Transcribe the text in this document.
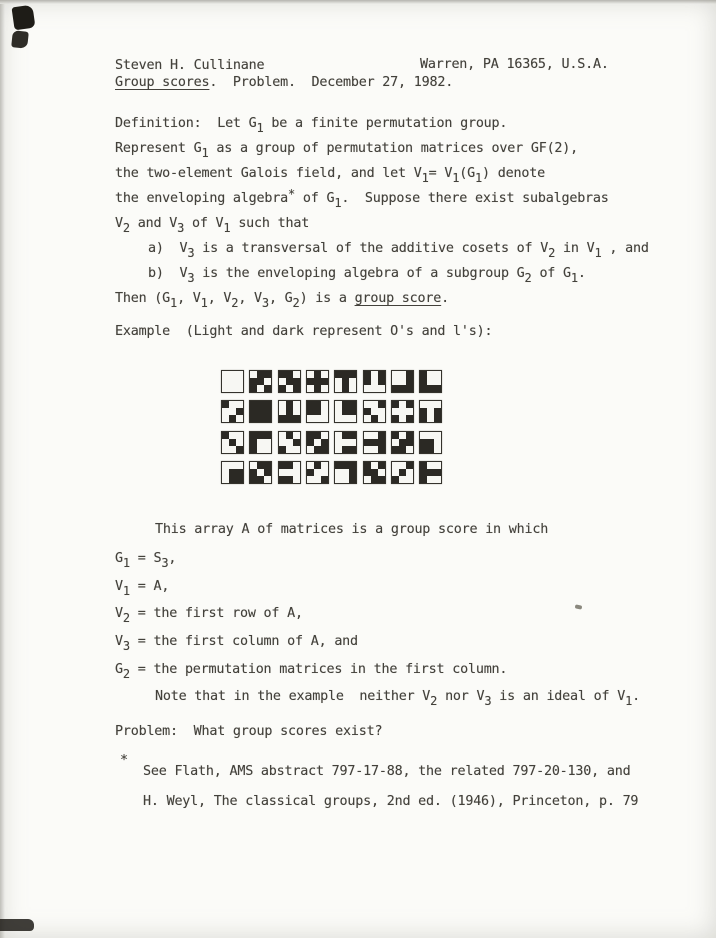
Steven H. Cullinane	Warren, PA 16365, U.S.A.
Group scores.  Problem.  December 27, 1982.
Definition:  Let G1 be a finite permutation group.
Represent G1 as a group of permutation matrices over GF(2),
the two-element Galois field, and let V1= V1(G1) denote
the enveloping algebra* of G1.  Suppose there exist subalgebras
V2 and V3 of V1 such that
a)  V3 is a transversal of the additive cosets of V2 in V1 , and
b)  V3 is the enveloping algebra of a subgroup G2 of G1.
Then (G1, V1, V2, V3, G2) is a group score.
Example  (Light and dark represent O's and l's):
This array A of matrices is a group score in which
G1 = S3,
V1 = A,
V2 = the first row of A,
V3 = the first column of A, and
G2 = the permutation matrices in the first column.
Note that in the example  neither V2 nor V3 is an ideal of V1.
Problem:  What group scores exist?
*
See Flath, AMS abstract 797-17-88, the related 797-20-130, and
H. Weyl, The classical groups, 2nd ed. (1946), Princeton, p. 79
